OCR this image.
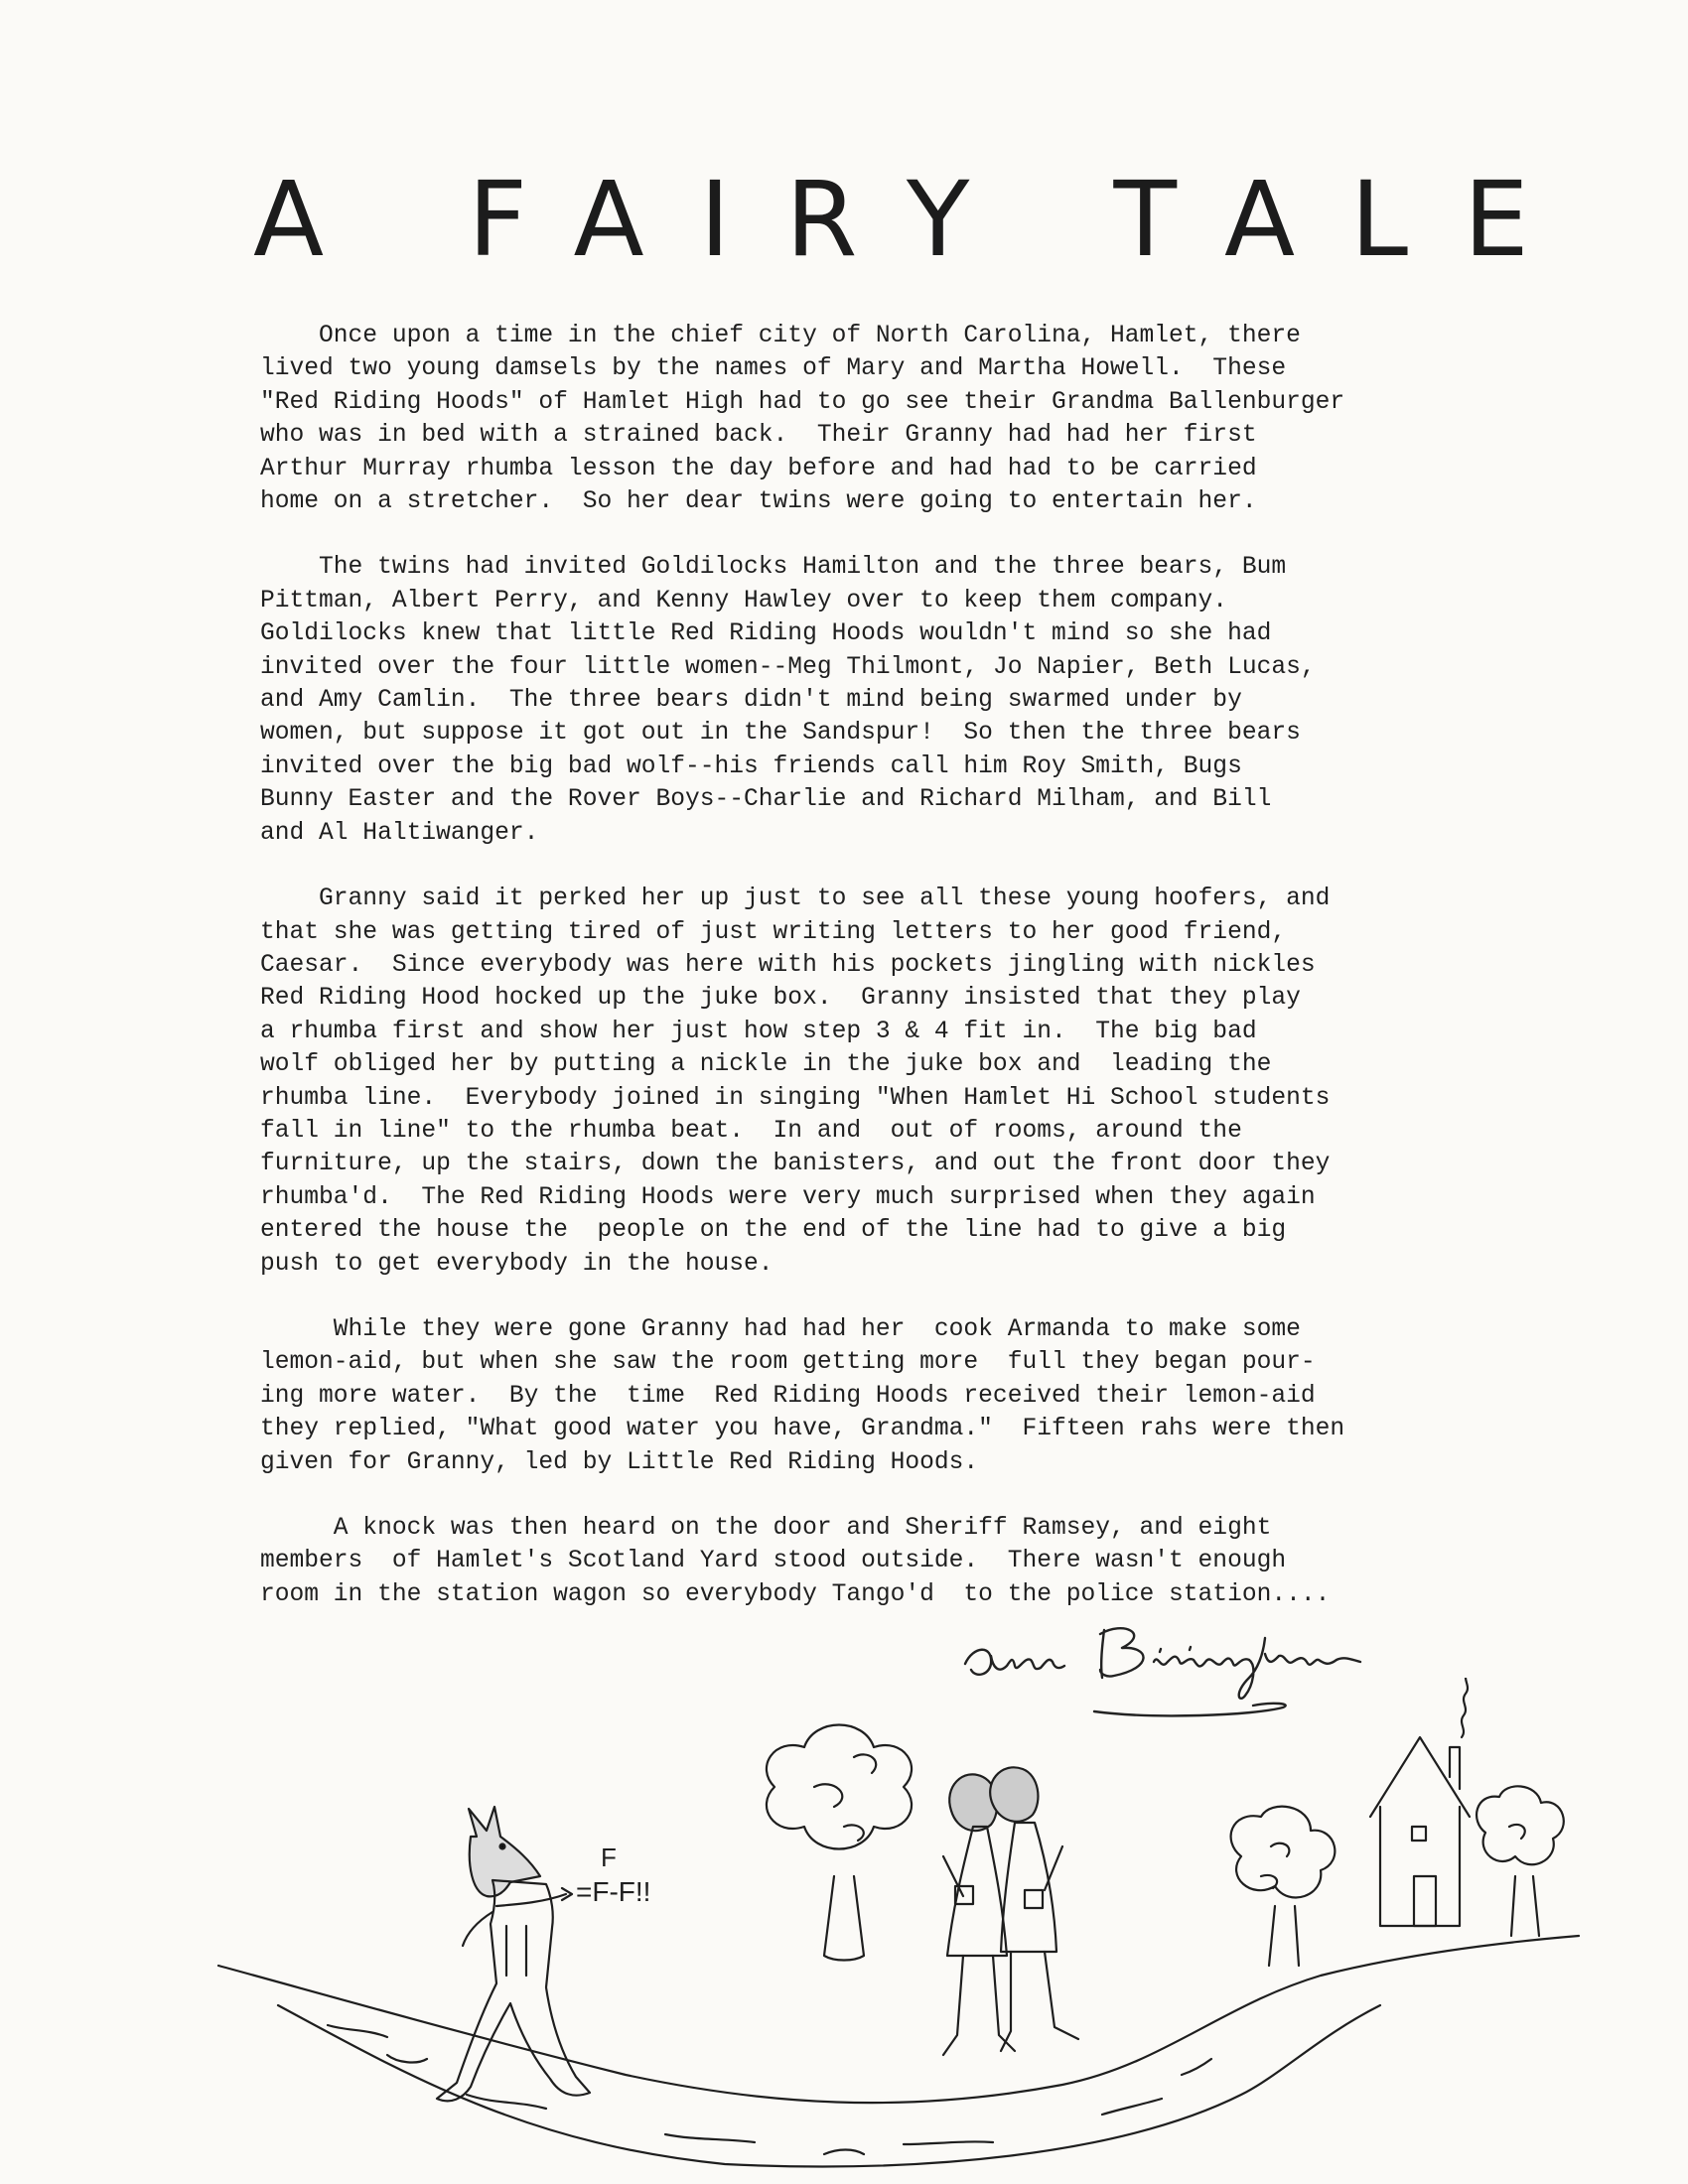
A FAIRY TALE

Once upon a time in the chief city of North Carolina, Hamlet, there
lived two young damsels by the names of Mary and Martha Howell.  These
"Red Riding Hoods" of Hamlet High had to go see their Grandma Ballenburger
who was in bed with a strained back.  Their Granny had had her first
Arthur Murray rhumba lesson the day before and had had to be carried
home on a stretcher.  So her dear twins were going to entertain her.

The twins had invited Goldilocks Hamilton and the three bears, Bum
Pittman, Albert Perry, and Kenny Hawley over to keep them company.
Goldilocks knew that little Red Riding Hoods wouldn't mind so she had
invited over the four little women--Meg Thilmont, Jo Napier, Beth Lucas,
and Amy Camlin.  The three bears didn't mind being swarmed under by
women, but suppose it got out in the Sandspur!  So then the three bears
invited over the big bad wolf--his friends call him Roy Smith, Bugs
Bunny Easter and the Rover Boys--Charlie and Richard Milham, and Bill
and Al Haltiwanger.

Granny said it perked her up just to see all these young hoofers, and
that she was getting tired of just writing letters to her good friend,
Caesar.  Since everybody was here with his pockets jingling with nickles
Red Riding Hood hocked up the juke box.  Granny insisted that they play
a rhumba first and show her just how step 3 & 4 fit in.  The big bad
wolf obliged her by putting a nickle in the juke box and  leading the
rhumba line.  Everybody joined in singing "When Hamlet Hi School students
fall in line" to the rhumba beat.  In and  out of rooms, around the
furniture, up the stairs, down the banisters, and out the front door they
rhumba'd.  The Red Riding Hoods were very much surprised when they again
entered the house the  people on the end of the line had to give a big
push to get everybody in the house.

While they were gone Granny had had her  cook Armanda to make some
lemon-aid, but when she saw the room getting more  full they began pour-
ing more water.  By the  time  Red Riding Hoods received their lemon-aid
they replied, "What good water you have, Grandma."  Fifteen rahs were then
given for Granny, led by Little Red Riding Hoods.

A knock was then heard on the door and Sheriff Ramsey, and eight
members  of Hamlet's Scotland Yard stood outside.  There wasn't enough
room in the station wagon so everybody Tango'd  to the police station....

F
=F-F!!
